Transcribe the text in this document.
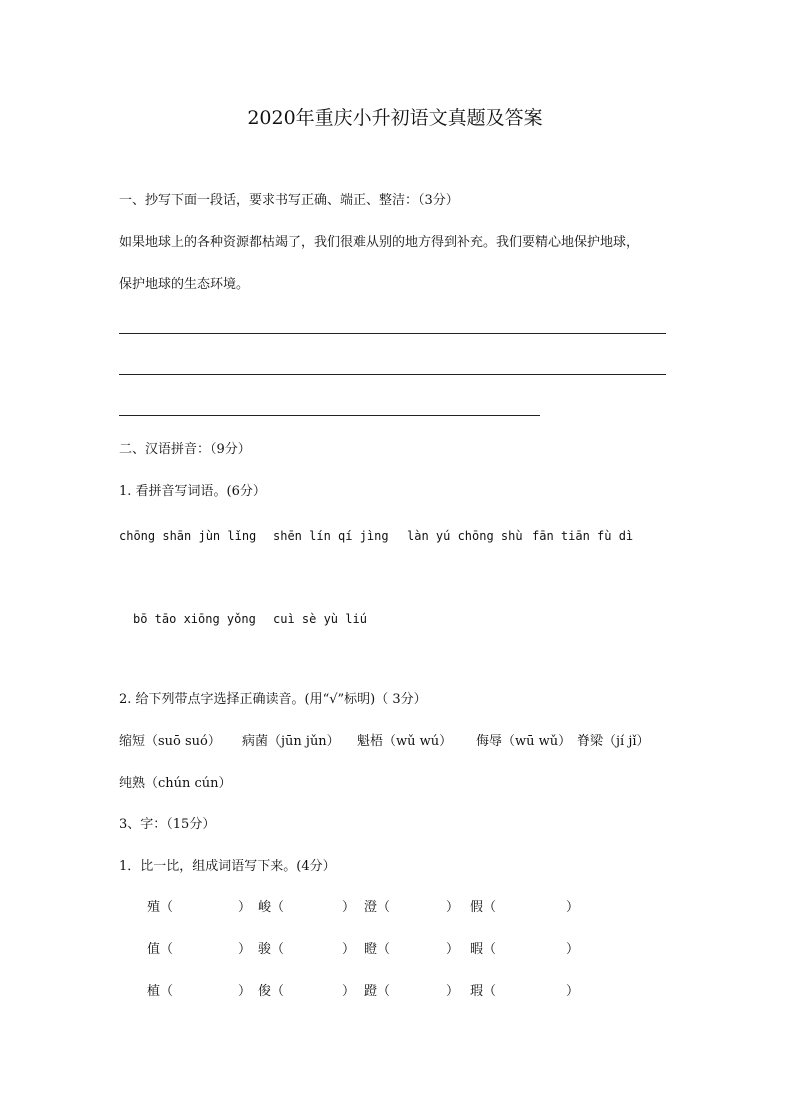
2020年重庆小升初语文真题及答案
一、抄写下面一段话，要求书写正确、端正、整洁：（3分）
如果地球上的各种资源都枯竭了，我们很难从别的地方得到补充。我们要精心地保护地球，
保护地球的生态环境。
二、汉语拼音：（9分）
1. 看拼音写词语。(6分）
chōng shān jùn lǐng shēn lín qí jìng làn yú chōng shù fān tiān fù dì
bō tāo xiōng yǒng cuì sè yù liú
2. 给下列带点字选择正确读音。(用“√”标明)（ 3分）
缩短（suō suó） 病菌（jūn jǔn） 魁梧（wǔ wú） 侮辱（wū wǔ） 脊梁（jí jǐ）
纯熟（chún cún）
3、字：（15分）
1．比一比，组成词语写下来。(4分）
殖（	） 峻（	） 澄（	） 假（	）
值（	） 骏（	） 瞪（	） 暇（	）
植（	） 俊（	） 蹬（	） 瑕（	）
